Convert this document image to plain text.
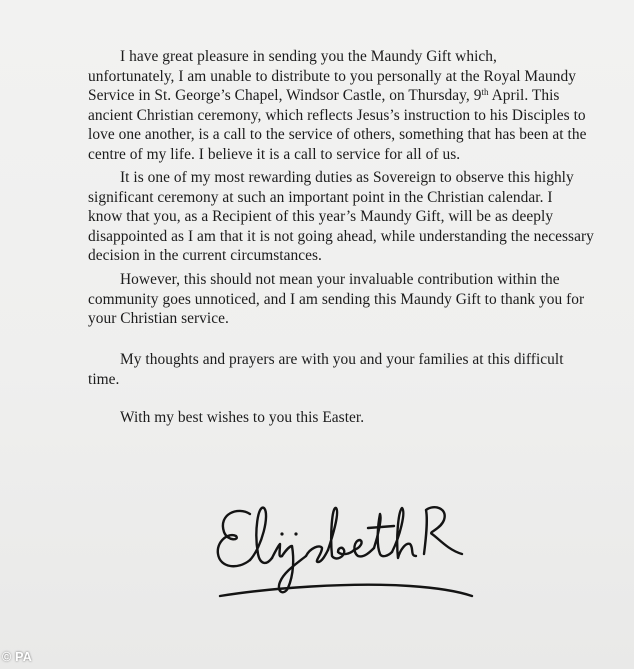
I have great pleasure in sending you the Maundy Gift which,
unfortunately, I am unable to distribute to you personally at the Royal Maundy
Service in St. George’s Chapel, Windsor Castle, on Thursday, 9th April. This
ancient Christian ceremony, which reflects Jesus’s instruction to his Disciples to
love one another, is a call to the service of others, something that has been at the
centre of my life. I believe it is a call to service for all of us.

It is one of my most rewarding duties as Sovereign to observe this highly
significant ceremony at such an important point in the Christian calendar. I
know that you, as a Recipient of this year’s Maundy Gift, will be as deeply
disappointed as I am that it is not going ahead, while understanding the necessary
decision in the current circumstances.

However, this should not mean your invaluable contribution within the
community goes unnoticed, and I am sending this Maundy Gift to thank you for
your Christian service.

My thoughts and prayers are with you and your families at this difficult
time.

With my best wishes to you this Easter.

© PA
